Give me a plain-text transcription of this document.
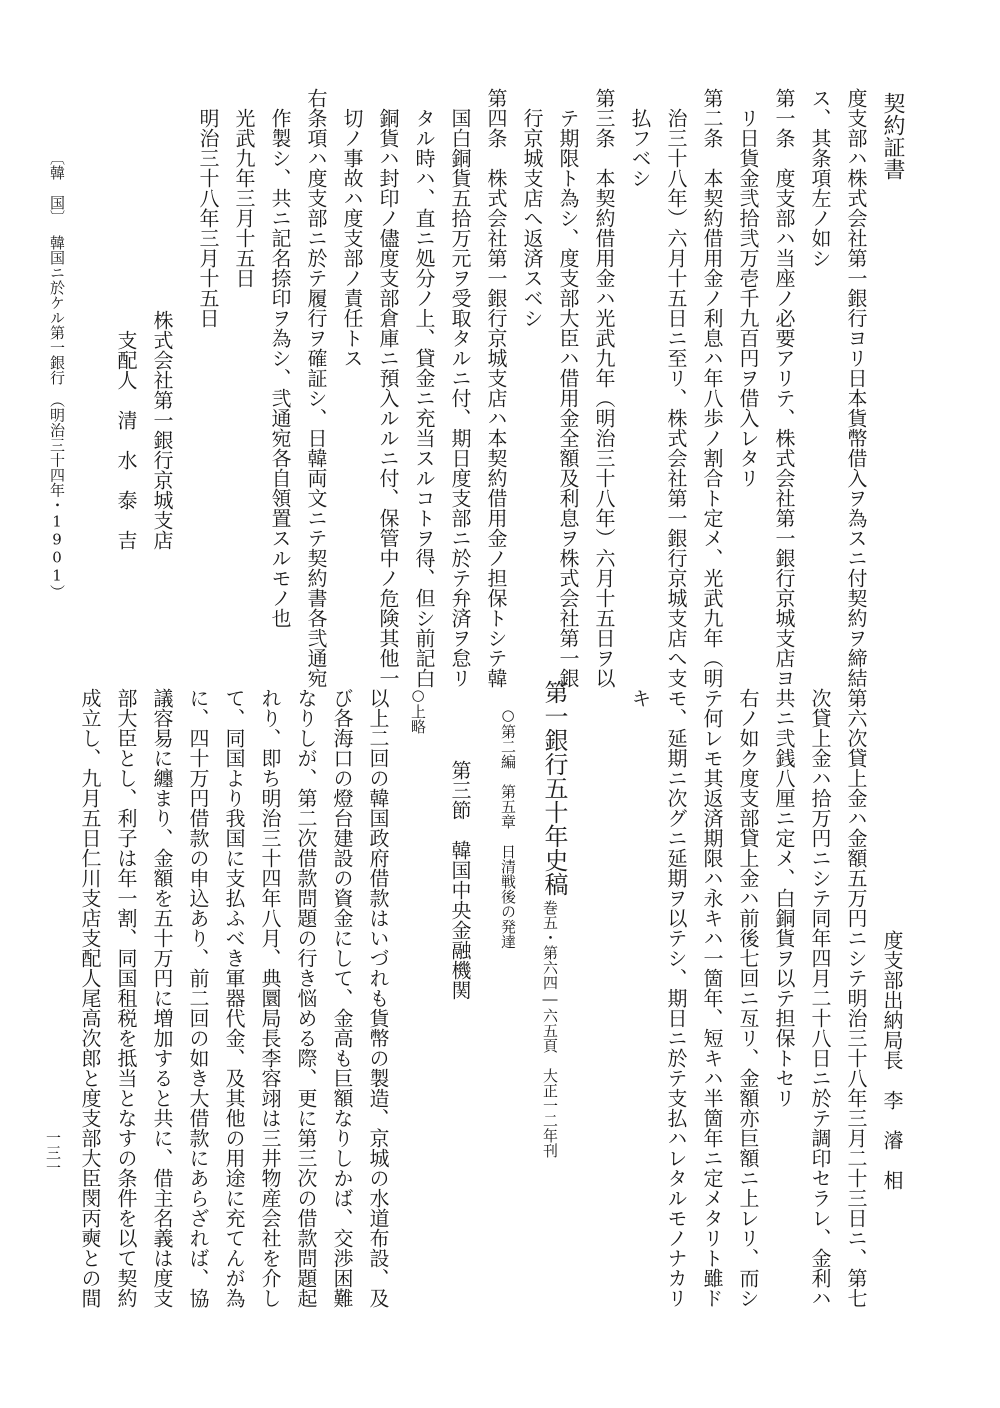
契約証書
度支部ハ株式会社第一銀行ヨリ日本貨幣借入ヲ為スニ付契約ヲ締結
ス、其条項左ノ如シ
第一条　度支部ハ当座ノ必要アリテ、株式会社第一銀行京城支店ヨ
リ日貨金弐拾弐万壱千九百円ヲ借入レタリ
第二条　本契約借用金ノ利息ハ年八歩ノ割合ト定メ、光武九年（明
治三十八年）六月十五日ニ至リ、株式会社第一銀行京城支店へ支
払フベシ
第三条　本契約借用金ハ光武九年（明治三十八年）六月十五日ヲ以
テ期限ト為シ、度支部大臣ハ借用金全額及利息ヲ株式会社第一銀
行京城支店へ返済スベシ
第四条　株式会社第一銀行京城支店ハ本契約借用金ノ担保トシテ韓
国白銅貨五拾万元ヲ受取タルニ付、期日度支部ニ於テ弁済ヲ怠リ
タル時ハ、直ニ処分ノ上、貸金ニ充当スルコトヲ得、但シ前記白
銅貨ハ封印ノ儘度支部倉庫ニ預入ルルニ付、保管中ノ危険其他一
切ノ事故ハ度支部ノ責任トス
右条項ハ度支部ニ於テ履行ヲ確証シ、日韓両文ニテ契約書各弐通宛
作製シ、共ニ記名捺印ヲ為シ、弐通宛各自領置スルモノ也
光武九年三月十五日
明治三十八年三月十五日
株式会社第一銀行京城支店
支配人　清　水　泰　吉
〔韓　国〕
韓国ニ於ケル第一銀行　（明治三十四年・1901）
度支部出納局長　李　濬　相
第六次貸上金ハ金額五万円ニシテ明治三十八年三月二十三日ニ、第七
次貸上金ハ拾万円ニシテ同年四月二十八日ニ於テ調印セラレ、金利ハ
共ニ弐銭八厘ニ定メ、白銅貨ヲ以テ担保トセリ
右ノ如ク度支部貸上金ハ前後七回ニ亙リ、金額亦巨額ニ上レリ、而シ
テ何レモ其返済期限ハ永キハ一箇年、短キハ半箇年ニ定メタリト雖ド
モ、延期ニ次グニ延期ヲ以テシ、期日ニ於テ支払ハレタルモノナカリ
キ
第一銀行五十年史稿
巻五・第六四―六五頁　大正一二年刊
○第二編　第五章　日清戦後の発達
第三節　韓国中央金融機関
○上略
以上二回の韓国政府借款はいづれも貨幣の製造、京城の水道布設、及
び各海口の燈台建設の資金にして、金高も巨額なりしかば、交渉困難
なりしが、第二次借款問題の行き悩める際、更に第三次の借款問題起
れり、即ち明治三十四年八月、典圜局長李容翊は三井物産会社を介し
て、同国より我国に支払ふべき軍器代金、及其他の用途に充てんが為
に、四十万円借款の申込あり、前二回の如き大借款にあらざれば、協
議容易に纏まり、金額を五十万円に増加すると共に、借主名義は度支
部大臣とし、利子は年一割、同国租税を抵当となすの条件を以て契約
成立し、九月五日仁川支店支配人尾高次郎と度支部大臣閔丙奭との間
一三一
